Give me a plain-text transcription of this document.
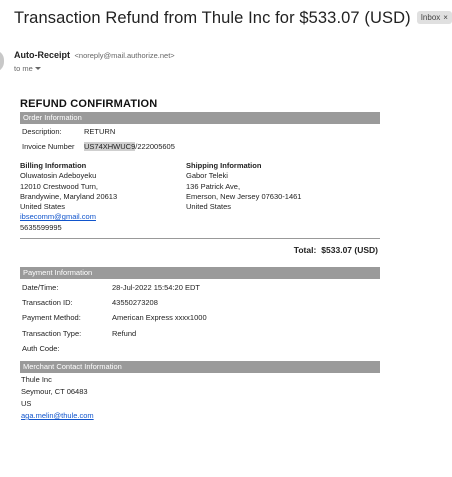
Transaction Refund from Thule Inc for $533.07 (USD) Inbox ×
Auto-Receipt <noreply@mail.authorize.net>
to me
REFUND CONFIRMATION
Order Information
Description:	RETURN
Invoice Number	US74XHWUC9/222005605
Billing Information
Oluwatosin Adeboyeku
12010 Crestwood Turn,
Brandywine, Maryland 20613
United States
ibsecomm@gmail.com
5635599995
Shipping Information
Gabor Teleki
136 Patrick Ave,
Emerson, New Jersey 07630-1461
United States
Total: $533.07 (USD)
Payment Information
Date/Time:	28-Jul-2022 15:54:20 EDT
Transaction ID:	43550273208
Payment Method:	American Express xxxx1000
Transaction Type:	Refund
Auth Code:
Merchant Contact Information
Thule Inc
Seymour, CT 06483
US
aga.melin@thule.com
